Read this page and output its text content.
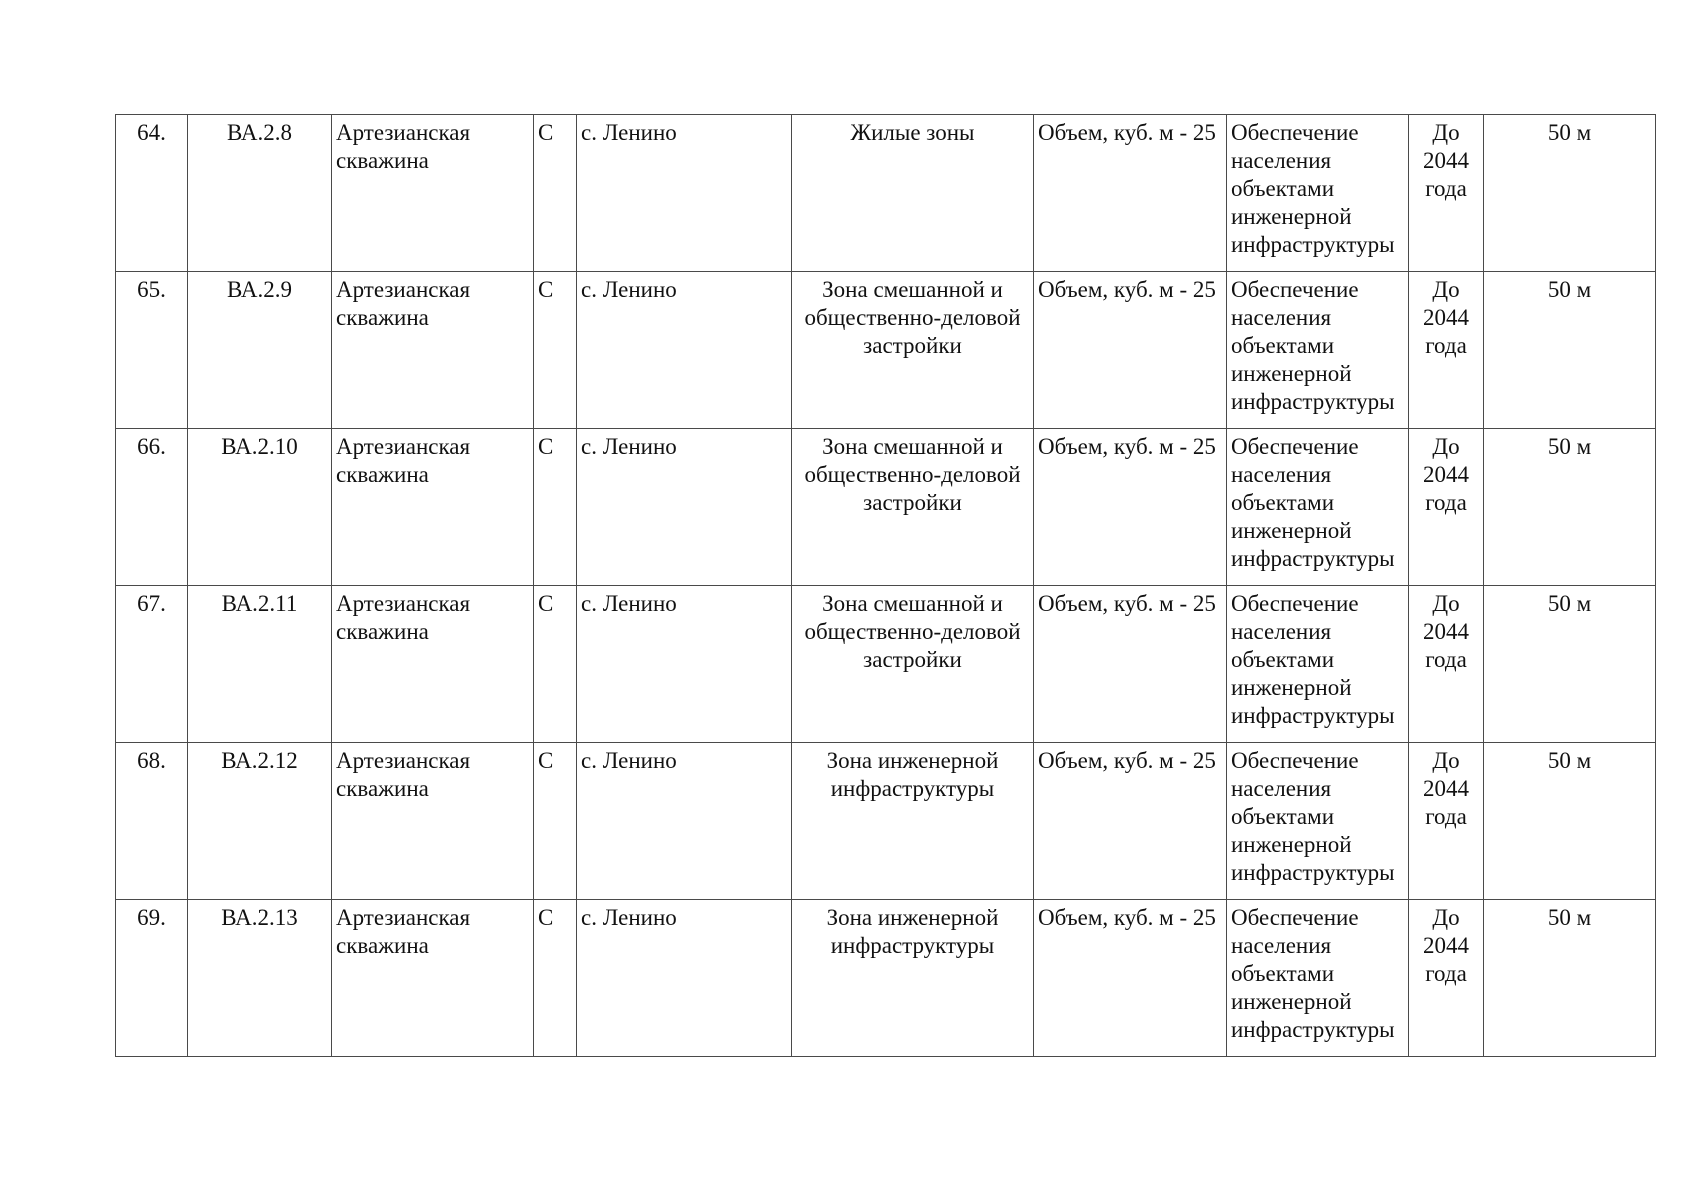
64.	ВА.2.8	Артезианская скважина	С	с. Ленино	Жилые зоны	Объем, куб. м - 25	Обеспечение населения объектами инженерной инфраструктуры	До 2044 года	50 м
65.	ВА.2.9	Артезианская скважина	С	с. Ленино	Зона смешанной и общественно-деловой застройки	Объем, куб. м - 25	Обеспечение населения объектами инженерной инфраструктуры	До 2044 года	50 м
66.	ВА.2.10	Артезианская скважина	С	с. Ленино	Зона смешанной и общественно-деловой застройки	Объем, куб. м - 25	Обеспечение населения объектами инженерной инфраструктуры	До 2044 года	50 м
67.	ВА.2.11	Артезианская скважина	С	с. Ленино	Зона смешанной и общественно-деловой застройки	Объем, куб. м - 25	Обеспечение населения объектами инженерной инфраструктуры	До 2044 года	50 м
68.	ВА.2.12	Артезианская скважина	С	с. Ленино	Зона инженерной инфраструктуры	Объем, куб. м - 25	Обеспечение населения объектами инженерной инфраструктуры	До 2044 года	50 м
69.	ВА.2.13	Артезианская скважина	С	с. Ленино	Зона инженерной инфраструктуры	Объем, куб. м - 25	Обеспечение населения объектами инженерной инфраструктуры	До 2044 года	50 м
